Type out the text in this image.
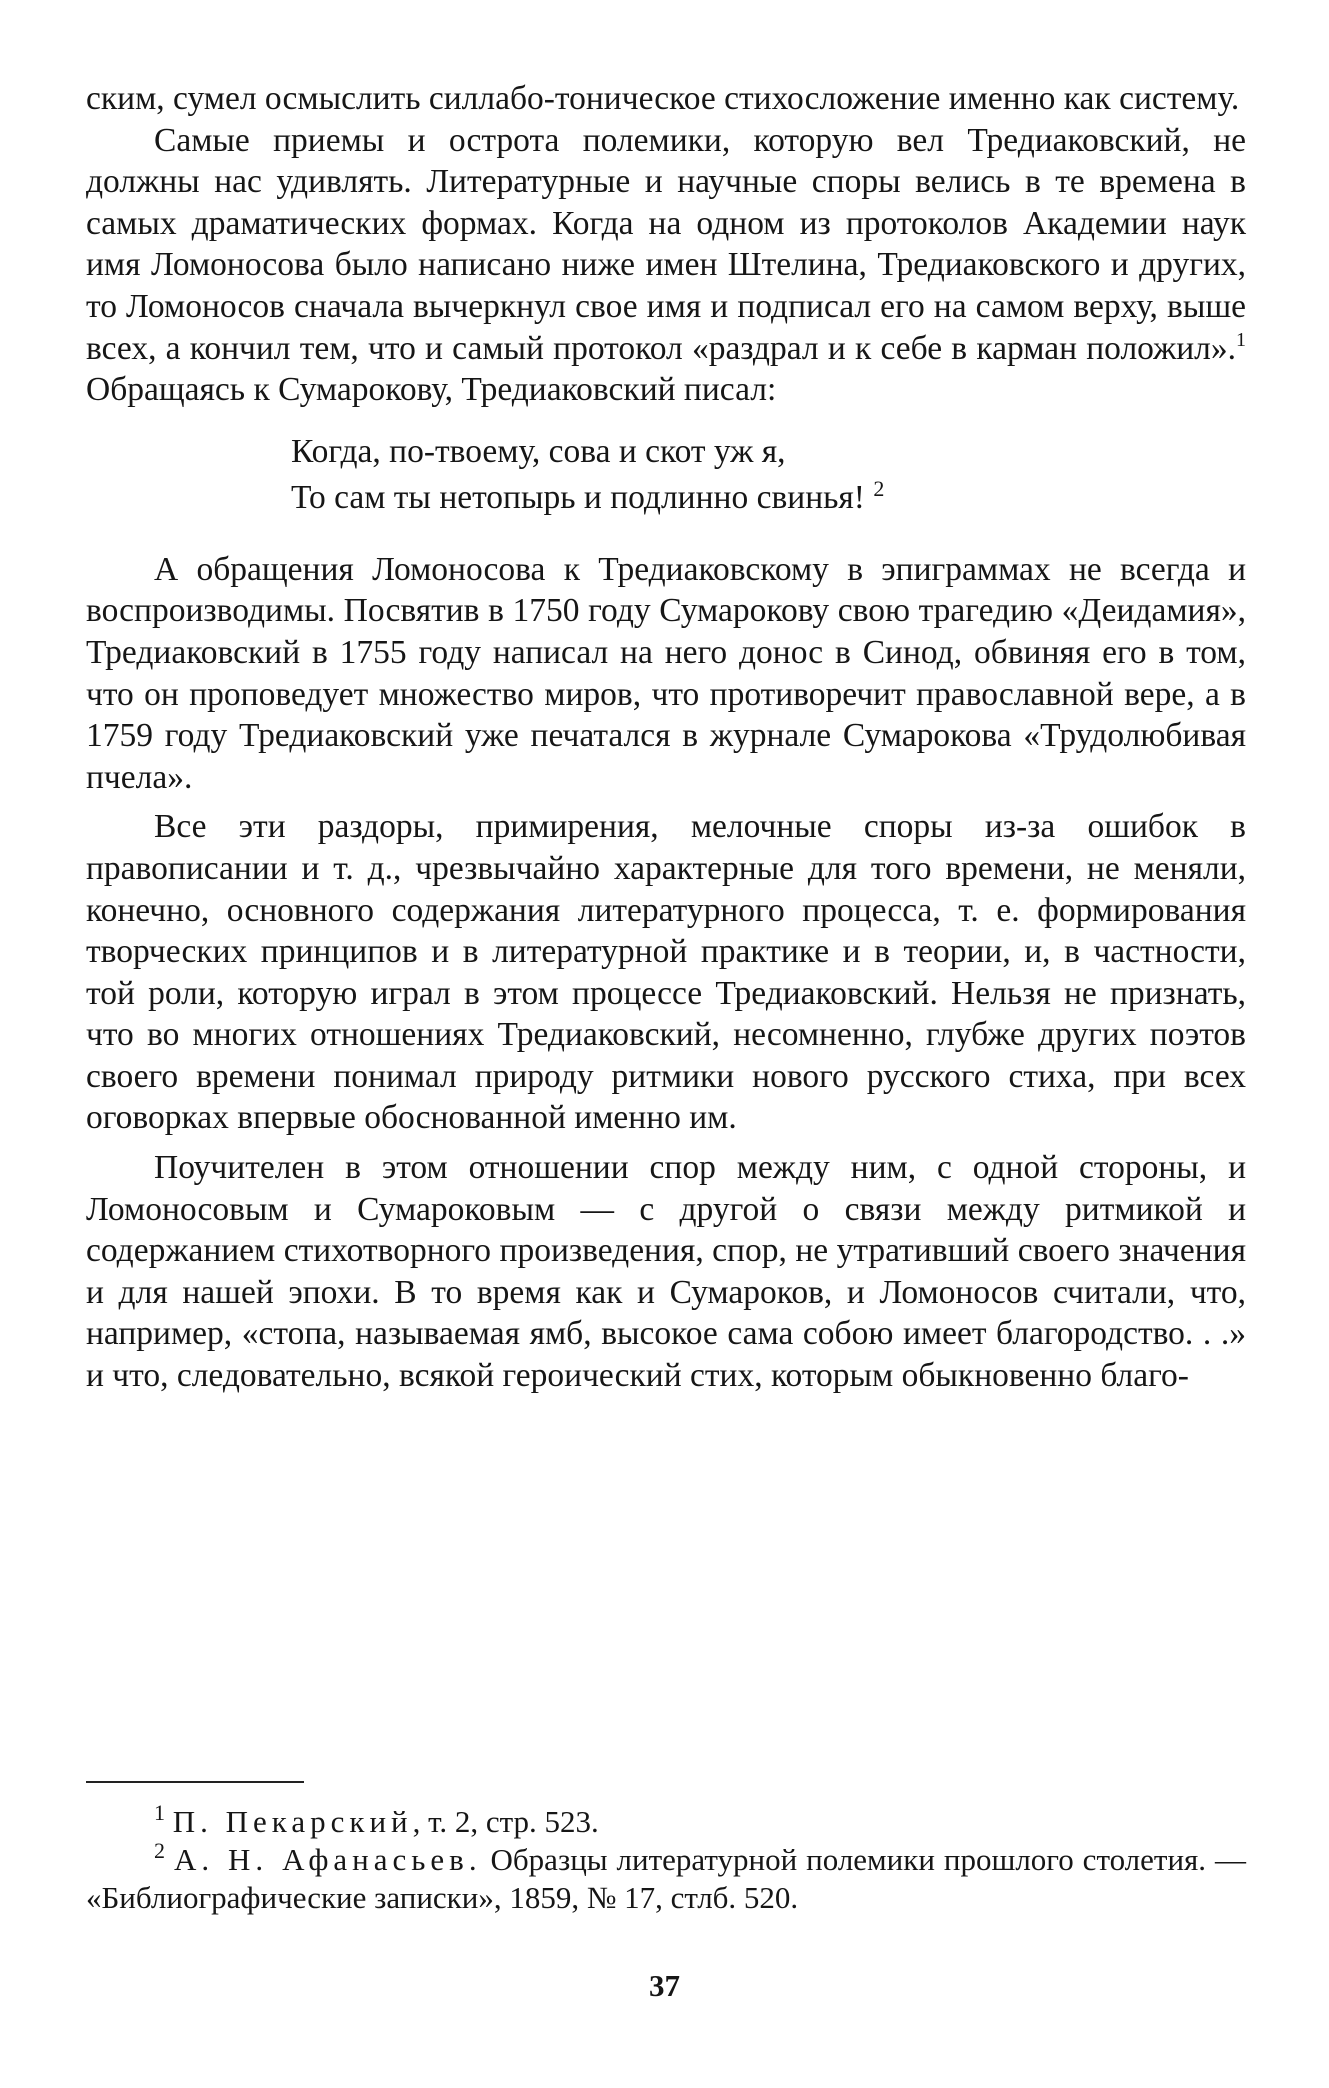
ским, сумел осмыслить силлабо-тоническое стихосложение именно как систему.

Самые приемы и острота полемики, которую вел Тредиаковский, не должны нас удивлять. Литературные и научные споры велись в те времена в самых драматических формах. Когда на одном из протоколов Академии наук имя Ломоносова было написано ниже имен Штелина, Тредиаковского и других, то Ломоносов сначала вычеркнул свое имя и подписал его на самом верху, выше всех, а кончил тем, что и самый протокол «раздрал и к себе в карман положил».$^1$ Обращаясь к Сумарокову, Тредиаковский писал:

Когда, по-твоему, сова и скот уж я,
То сам ты нетопырь и подлинно свинья! $^2$

А обращения Ломоносова к Тредиаковскому в эпиграммах не всегда и воспроизводимы. Посвятив в 1750 году Сумарокову свою трагедию «Деидамия», Тредиаковский в 1755 году написал на него донос в Синод, обвиняя его в том, что он проповедует множество миров, что противоречит православной вере, а в 1759 году Тредиаковский уже печатался в журнале Сумарокова «Трудолюбивая пчела».

Все эти раздоры, примирения, мелочные споры из-за ошибок в правописании и т. д., чрезвычайно характерные для того времени, не меняли, конечно, основного содержания литературного процесса, т. е. формирования творческих принципов и в литературной практике и в теории, и, в частности, той роли, которую играл в этом процессе Тредиаковский. Нельзя не признать, что во многих отношениях Тредиаковский, несомненно, глубже других поэтов своего времени понимал природу ритмики нового русского стиха, при всех оговорках впервые обоснованной именно им.

Поучителен в этом отношении спор между ним, с одной стороны, и Ломоносовым и Сумароковым — с другой о связи между ритмикой и содержанием стихотворного произведения, спор, не утративший своего значения и для нашей эпохи. В то время как и Сумароков, и Ломоносов считали, что, например, «стопа, называемая ямб, высокое сама собою имеет благородство. . .» и что, следовательно, всякой героический стих, которым обыкновенно благо-

$^1$ П. Пекарский, т. 2, стр. 523.

$^2$ А. Н. Афанасьев. Образцы литературной полемики прошлого столетия. — «Библиографические записки», 1859, № 17, стлб. 520.

37
